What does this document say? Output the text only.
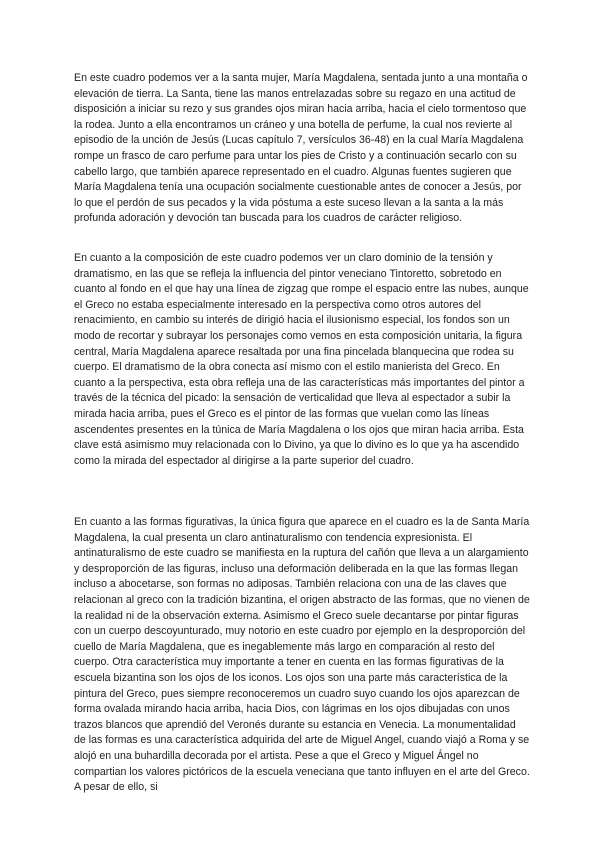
En este cuadro podemos ver a la santa mujer, María Magdalena, sentada junto a una montaña o elevación de tierra. La Santa, tiene las manos entrelazadas sobre su regazo en una actitud de disposición a iniciar su rezo y sus grandes ojos miran hacia arriba, hacia el cielo tormentoso que la rodea. Junto a ella encontramos un cráneo y una botella de perfume, la cual nos revierte al episodio de la unción de Jesús (Lucas capítulo 7, versículos 36-48) en la cual María Magdalena rompe un frasco de caro perfume para untar los pies de Cristo y a continuación secarlo con su cabello largo, que también aparece representado en el cuadro. Algunas fuentes sugieren que María Magdalena tenía una ocupación socialmente cuestionable antes de conocer a Jesús, por lo que el perdón de sus pecados y la vida póstuma a este suceso llevan a la santa a la más profunda adoración y devoción tan buscada para los cuadros de carácter religioso.

En cuanto a la composición de este cuadro podemos ver un claro dominio de la tensión y dramatismo, en las que se refleja la influencia del pintor veneciano Tintoretto, sobretodo en cuanto al fondo en el que hay una línea de zigzag que rompe el espacio entre las nubes, aunque el Greco no estaba especialmente interesado en la perspectiva como otros autores del renacimiento, en cambio su interés de dirigió hacia el ilusionismo especial, los fondos son un modo de recortar y subrayar los personajes como vemos en esta composición unitaria, la figura central, María Magdalena aparece resaltada por una fina pincelada blanquecina que rodea su cuerpo. El dramatismo de la obra conecta así mismo con el estilo manierista del Greco. En cuanto a la perspectiva, esta obra refleja una de las características más importantes del pintor a través de la técnica del picado: la sensación de verticalidad que lleva al espectador a subir la mirada hacia arriba, pues el Greco es el pintor de las formas que vuelan como las líneas ascendentes presentes en la túnica de María Magdalena o los ojos que miran hacia arriba. Esta clave está asimismo muy relacionada con lo Divino, ya que lo divino es lo que ya ha ascendido como la mirada del espectador al dirigirse a la parte superior del cuadro.

En cuanto a las formas figurativas, la única figura que aparece en el cuadro es la de Santa María Magdalena, la cual presenta un claro antinaturalismo con tendencia expresionista. El antinaturalismo de este cuadro se manifiesta en la ruptura del cañón que lleva a un alargamiento y desproporción de las figuras, incluso una deformación deliberada en la que las formas llegan incluso a abocetarse, son formas no adiposas. También relaciona con una de las claves que relacionan al greco con la tradición bizantina, el origen abstracto de las formas, que no vienen de la realidad ni de la observación externa. Asimismo el Greco suele decantarse por pintar figuras con un cuerpo descoyunturado, muy notorio en este cuadro por ejemplo en la desproporción del cuello de María Magdalena, que es inegablemente más largo en comparación al resto del cuerpo. Otra característica muy importante a tener en cuenta en las formas figurativas de la escuela bizantina son los ojos de los iconos. Los ojos son una parte más característica de la pintura del Greco, pues siempre reconoceremos un cuadro suyo cuando los ojos aparezcan de forma ovalada mirando hacia arriba, hacia Dios, con lágrimas en los ojos dibujadas con unos trazos blancos que aprendió del Veronés durante su estancia en Venecia. La monumentalidad de las formas es una característica adquirida del arte de Miguel Angel, cuando viajó a Roma y se alojó en una buhardilla decorada por el artista. Pese a que el Greco y Miguel Ángel no compartian los valores pictóricos de la escuela veneciana que tanto influyen en el arte del Greco. A pesar de ello, si
